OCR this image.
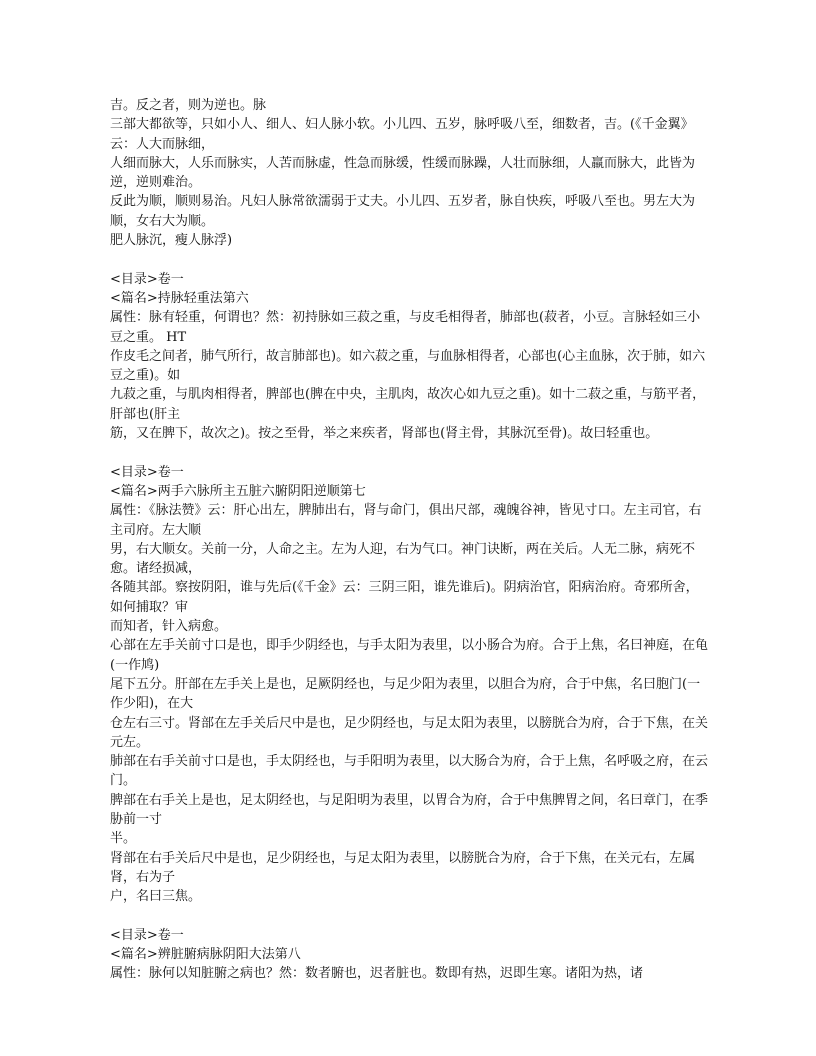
吉。反之者，则为逆也。脉
三部大都欲等，只如小人、细人、妇人脉小软。小儿四、五岁，脉呼吸八至，细数者，吉。(《千金翼》云：人大而脉细，
人细而脉大，人乐而脉实，人苦而脉虚，性急而脉缓，性缓而脉躁，人壮而脉细，人羸而脉大，此皆为逆，逆则难治。
反此为顺，顺则易治。凡妇人脉常欲濡弱于丈夫。小儿四、五岁者，脉自快疾，呼吸八至也。男左大为顺，女右大为顺。
肥人脉沉，瘦人脉浮)
<目录>卷一
<篇名>持脉轻重法第六
属性：脉有轻重，何谓也？然：初持脉如三菽之重，与皮毛相得者，肺部也(菽者，小豆。言脉轻如三小豆之重。 HT
作皮毛之间者，肺气所行，故言肺部也)。如六菽之重，与血脉相得者，心部也(心主血脉，次于肺，如六豆之重)。如
九菽之重，与肌肉相得者，脾部也(脾在中央，主肌肉，故次心如九豆之重)。如十二菽之重，与筋平者，肝部也(肝主
筋，又在脾下，故次之)。按之至骨，举之来疾者，肾部也(肾主骨，其脉沉至骨)。故曰轻重也。
<目录>卷一
<篇名>两手六脉所主五脏六腑阴阳逆顺第七
属性：《脉法赞》云：肝心出左，脾肺出右，肾与命门，俱出尺部，魂魄谷神，皆见寸口。左主司官，右主司府。左大顺
男，右大顺女。关前一分，人命之主。左为人迎，右为气口。神门诀断，两在关后。人无二脉，病死不愈。诸经损减，
各随其部。察按阴阳，谁与先后(《千金》云：三阴三阳，谁先谁后)。阴病治官，阳病治府。奇邪所舍，如何捕取？审
而知者，针入病愈。
心部在左手关前寸口是也，即手少阴经也，与手太阳为表里，以小肠合为府。合于上焦，名曰神庭，在龟(一作鸠)
尾下五分。肝部在左手关上是也，足厥阴经也，与足少阳为表里，以胆合为府，合于中焦，名曰胞门(一作少阳)，在大
仓左右三寸。肾部在左手关后尺中是也，足少阴经也，与足太阳为表里，以膀胱合为府，合于下焦，在关元左。
肺部在右手关前寸口是也，手太阴经也，与手阳明为表里，以大肠合为府，合于上焦，名呼吸之府，在云门。
脾部在右手关上是也，足太阴经也，与足阳明为表里，以胃合为府，合于中焦脾胃之间，名曰章门，在季胁前一寸
半。
肾部在右手关后尺中是也，足少阴经也，与足太阳为表里，以膀胱合为府，合于下焦，在关元右，左属肾，右为子
户，名曰三焦。
<目录>卷一
<篇名>辨脏腑病脉阴阳大法第八
属性：脉何以知脏腑之病也？然：数者腑也，迟者脏也。数即有热，迟即生寒。诸阳为热，诸
